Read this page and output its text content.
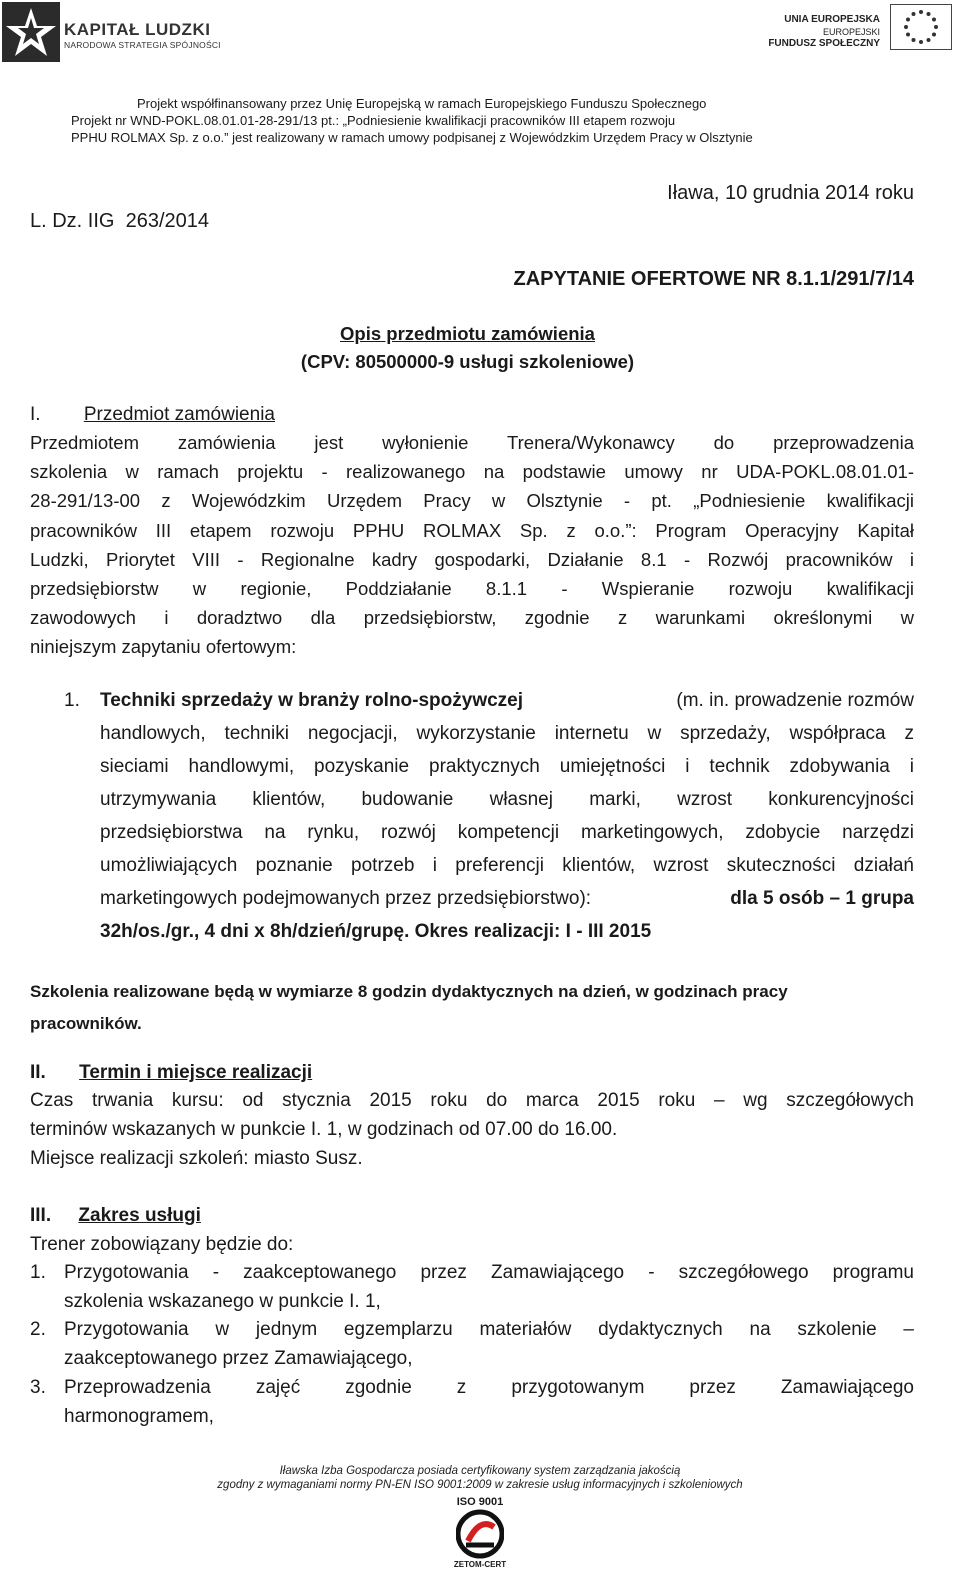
KAPITAŁ LUDZKI
NARODOWA STRATEGIA SPÓJNOŚCI
UNIA EUROPEJSKA
EUROPEJSKI
FUNDUSZ SPOŁECZNY
Projekt współfinansowany przez Unię Europejską w ramach Europejskiego Funduszu Społecznego
Projekt nr WND-POKL.08.01.01-28-291/13 pt.: „Podniesienie kwalifikacji pracowników III etapem rozwoju
PPHU ROLMAX Sp. z o.o.” jest realizowany w ramach umowy podpisanej z Wojewódzkim Urzędem Pracy w Olsztynie
Iława, 10 grudnia 2014 roku
L. Dz. IIG  263/2014
ZAPYTANIE OFERTOWE NR 8.1.1/291/7/14
Opis przedmiotu zamówienia
(CPV: 80500000-9 usługi szkoleniowe)
I. Przedmiot zamówienia
Przedmiotem zamówienia jest wyłonienie Trenera/Wykonawcy do przeprowadzenia
szkolenia w ramach projektu - realizowanego na podstawie umowy nr UDA-POKL.08.01.01-
28-291/13-00 z Wojewódzkim Urzędem Pracy w Olsztynie - pt. „Podniesienie kwalifikacji
pracowników III etapem rozwoju PPHU ROLMAX Sp. z o.o.”: Program Operacyjny Kapitał
Ludzki, Priorytet VIII - Regionalne kadry gospodarki, Działanie 8.1 - Rozwój pracowników i
przedsiębiorstw w regionie, Poddziałanie 8.1.1 - Wspieranie rozwoju kwalifikacji
zawodowych i doradztwo dla przedsiębiorstw, zgodnie z warunkami określonymi w
niniejszym zapytaniu ofertowym:
1. Techniki sprzedaży w branży rolno-spożywczej	(m. in. prowadzenie rozmów
handlowych, techniki negocjacji, wykorzystanie internetu w sprzedaży, współpraca z
sieciami handlowymi, pozyskanie praktycznych umiejętności i technik zdobywania i
utrzymywania klientów, budowanie własnej marki, wzrost konkurencyjności
przedsiębiorstwa na rynku, rozwój kompetencji marketingowych, zdobycie narzędzi
umożliwiających poznanie potrzeb i preferencji klientów, wzrost skuteczności działań
marketingowych podejmowanych przez przedsiębiorstwo):	dla 5 osób – 1 grupa
32h/os./gr., 4 dni x 8h/dzień/grupę. Okres realizacji: I - III 2015
Szkolenia realizowane będą w wymiarze 8 godzin dydaktycznych na dzień, w godzinach pracy
pracowników.
II. Termin i miejsce realizacji
Czas trwania kursu: od stycznia 2015 roku do marca 2015 roku – wg szczegółowych
terminów wskazanych w punkcie I. 1, w godzinach od 07.00 do 16.00.
Miejsce realizacji szkoleń: miasto Susz.
III. Zakres usługi
Trener zobowiązany będzie do:
1. Przygotowania - zaakceptowanego przez Zamawiającego - szczegółowego programu
szkolenia wskazanego w punkcie I. 1,
2. Przygotowania w jednym egzemplarzu materiałów dydaktycznych na szkolenie –
zaakceptowanego przez Zamawiającego,
3. Przeprowadzenia zajęć zgodnie z przygotowanym przez Zamawiającego
harmonogramem,
Iławska Izba Gospodarcza posiada certyfikowany system zarządzania jakością
zgodny z wymaganiami normy PN-EN ISO 9001:2009 w zakresie usług informacyjnych i szkoleniowych
ISO 9001
ZETOM-CERT
